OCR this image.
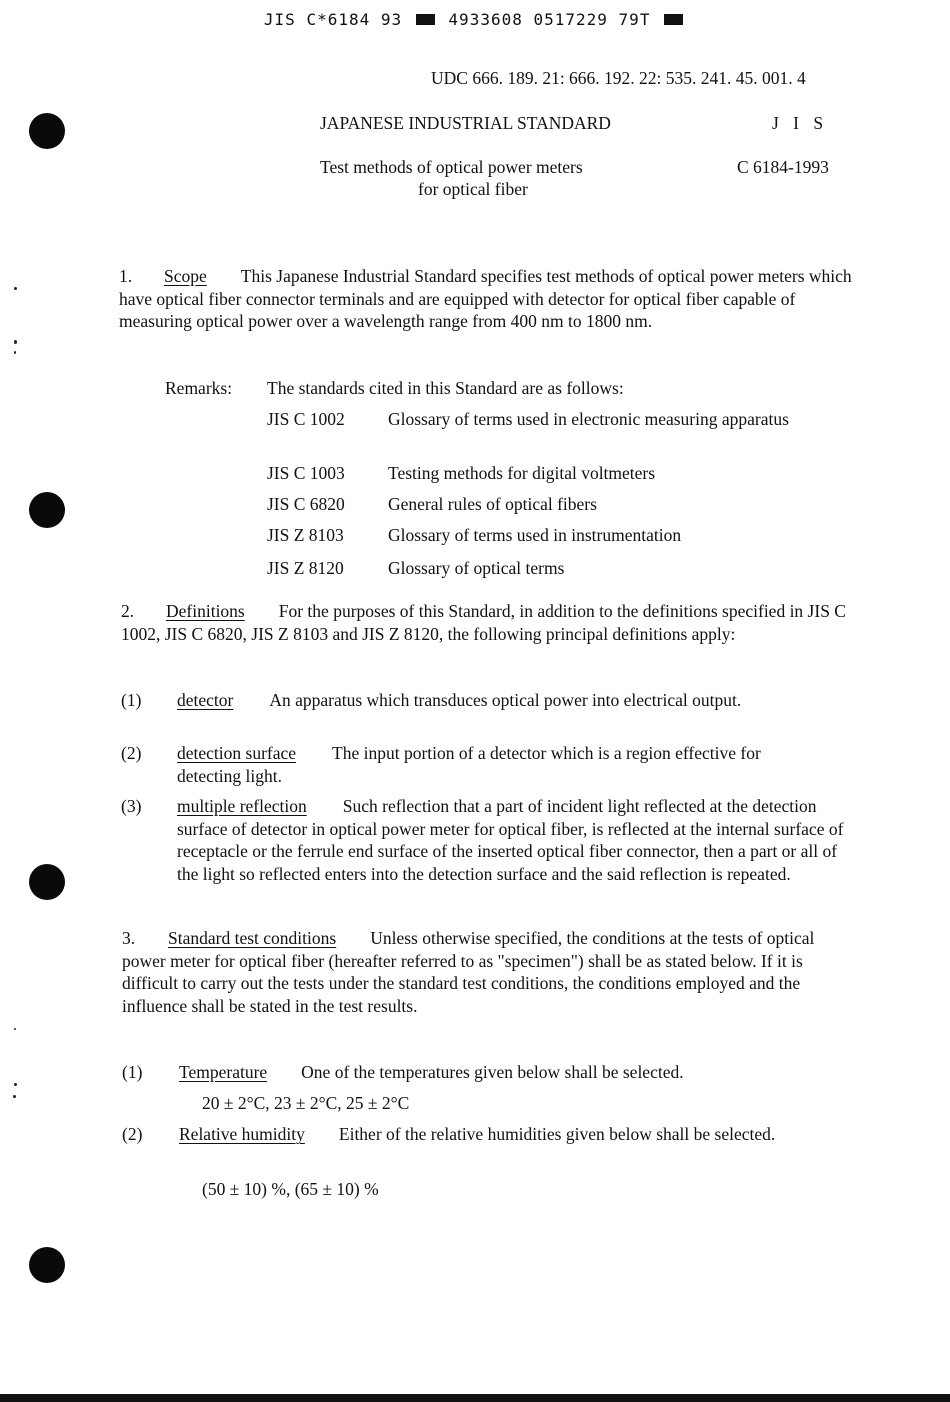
JIS C*6184 93	4933608 0517229 79T
UDC 666. 189. 21: 666. 192. 22: 535. 241. 45. 001. 4
JAPANESE INDUSTRIAL STANDARD	J I S
Test methods of optical power meters
for optical fiber
C 6184-1993
1. Scope This Japanese Industrial Standard specifies test methods of optical power meters which have optical fiber connector terminals and are equipped with detector for optical fiber capable of measuring optical power over a wavelength range from 400 nm to 1800 nm.
Remarks: The standards cited in this Standard are as follows:
JIS C 1002 Glossary of terms used in electronic measuring apparatus
JIS C 1003 Testing methods for digital voltmeters
JIS C 6820 General rules of optical fibers
JIS Z 8103	Glossary of terms used in instrumentation
JIS Z 8120	Glossary of optical terms
2. Definitions For the purposes of this Standard, in addition to the definitions specified in JIS C 1002, JIS C 6820, JIS Z 8103 and JIS Z 8120, the following principal definitions apply:
(1) detector An apparatus which transduces optical power into electrical output.
(2) detection surface The input portion of a detector which is a region effective for detecting light.
(3) multiple reflection Such reflection that a part of incident light reflected at the detection surface of detector in optical power meter for optical fiber, is reflected at the internal surface of receptacle or the ferrule end surface of the inserted optical fiber connector, then a part or all of the light so reflected enters into the detection surface and the said reflection is repeated.
3. Standard test conditions Unless otherwise specified, the conditions at the tests of optical power meter for optical fiber (hereafter referred to as "specimen") shall be as stated below. If it is difficult to carry out the tests under the standard test conditions, the conditions employed and the influence shall be stated in the test results.
(1) Temperature One of the temperatures given below shall be selected.
20 ± 2°C, 23 ± 2°C, 25 ± 2°C
(2) Relative humidity Either of the relative humidities given below shall be selected.
(50 ± 10) %, (65 ± 10) %
